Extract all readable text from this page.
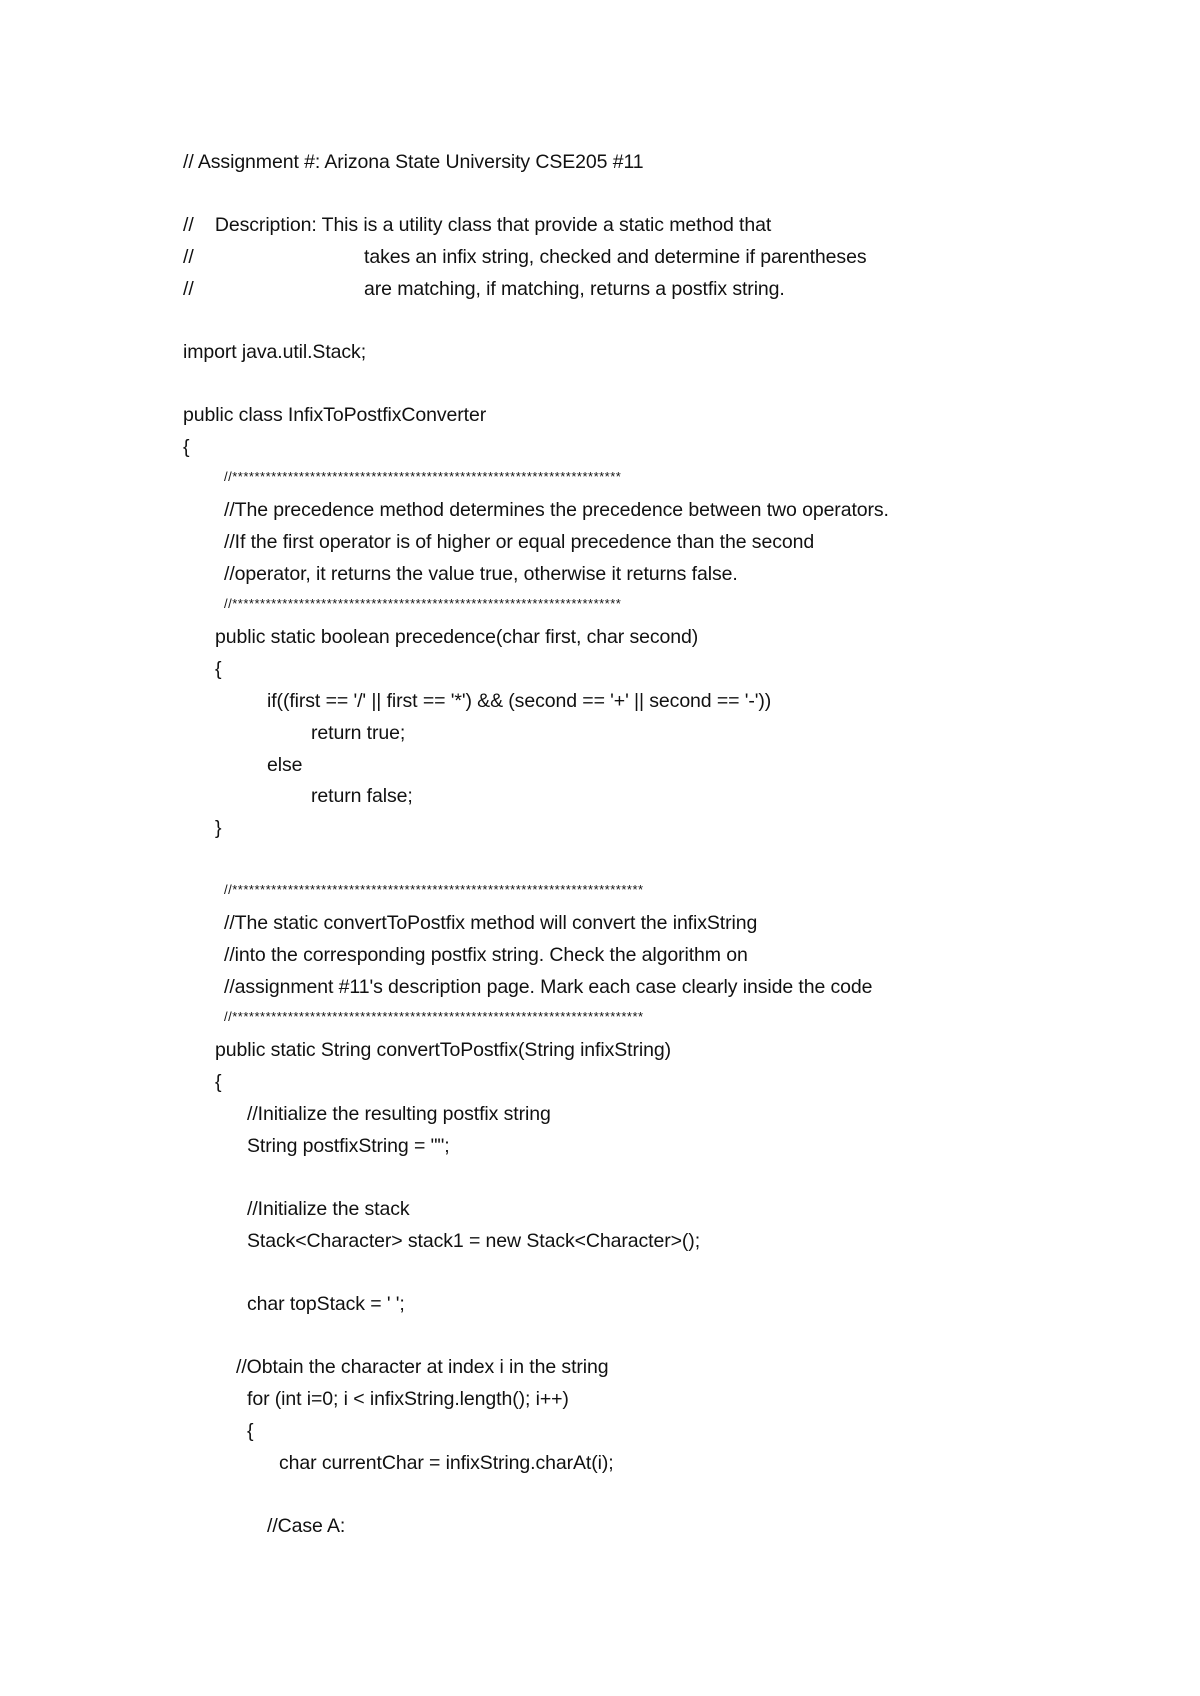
// Assignment #: Arizona State University CSE205 #11
//    Description: This is a utility class that provide a static method that
//	takes an infix string, checked and determine if parentheses
//	are matching, if matching, returns a postfix string.
import java.util.Stack;
public class InfixToPostfixConverter
{
//**********************************************************************
//The precedence method determines the precedence between two operators.
//If the first operator is of higher or equal precedence than the second
//operator, it returns the value true, otherwise it returns false.
//**********************************************************************
public static boolean precedence(char first, char second)
{
if((first == '/' || first == '*') && (second == '+' || second == '-'))
return true;
else
return false;
}
//**************************************************************************
//The static convertToPostfix method will convert the infixString
//into the corresponding postfix string. Check the algorithm on
//assignment #11's description page. Mark each case clearly inside the code
//**************************************************************************
public static String convertToPostfix(String infixString)
{
//Initialize the resulting postfix string
String postfixString = "";
//Initialize the stack
Stack<Character> stack1 = new Stack<Character>();
char topStack = ' ';
//Obtain the character at index i in the string
for (int i=0; i < infixString.length(); i++)
{
char currentChar = infixString.charAt(i);
//Case A:
